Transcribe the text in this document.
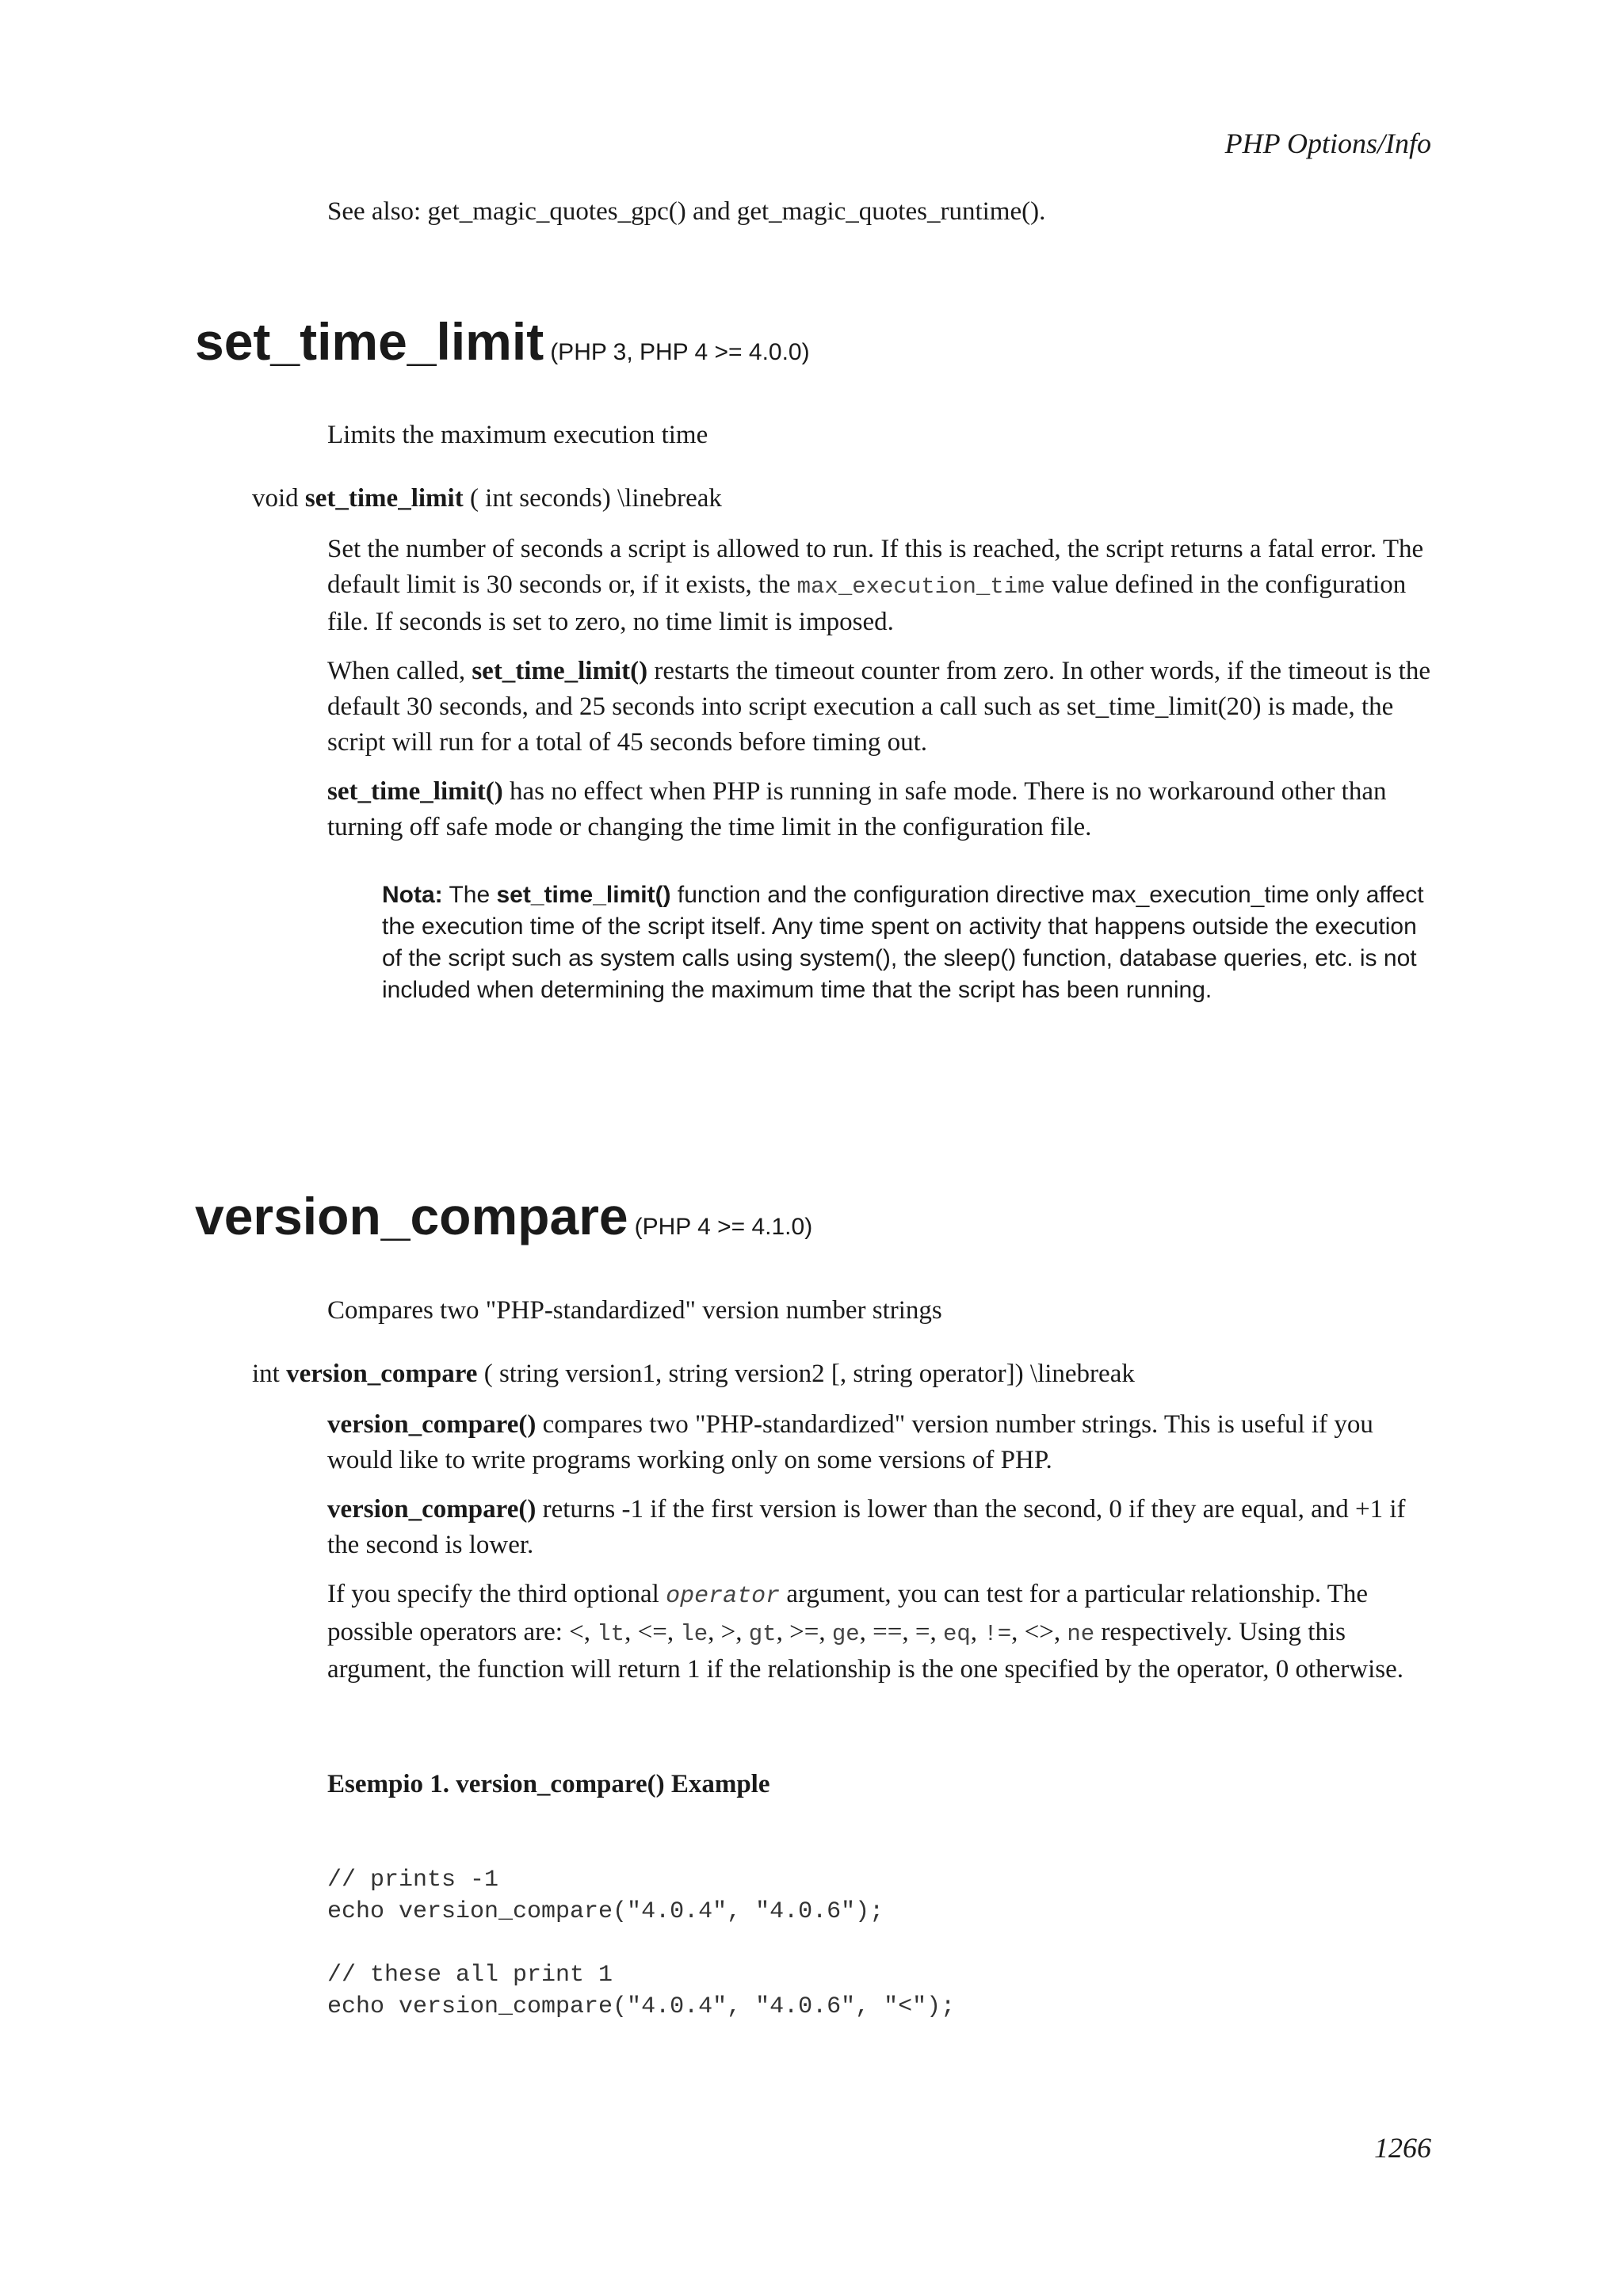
PHP Options/Info
See also: get_magic_quotes_gpc() and get_magic_quotes_runtime().
set_time_limit (PHP 3, PHP 4 >= 4.0.0)
Limits the maximum execution time
void set_time_limit ( int seconds) \linebreak

Set the number of seconds a script is allowed to run. If this is reached, the script returns a fatal error. The default limit is 30 seconds or, if it exists, the max_execution_time value defined in the configuration file. If seconds is set to zero, no time limit is imposed.

When called, set_time_limit() restarts the timeout counter from zero. In other words, if the timeout is the default 30 seconds, and 25 seconds into script execution a call such as set_time_limit(20) is made, the script will run for a total of 45 seconds before timing out.

set_time_limit() has no effect when PHP is running in safe mode. There is no workaround other than turning off safe mode or changing the time limit in the configuration file.

Nota: The set_time_limit() function and the configuration directive max_execution_time only affect the execution time of the script itself. Any time spent on activity that happens outside the execution of the script such as system calls using system(), the sleep() function, database queries, etc. is not included when determining the maximum time that the script has been running.
version_compare (PHP 4 >= 4.1.0)
Compares two "PHP-standardized" version number strings
int version_compare ( string version1, string version2 [, string operator]) \linebreak

version_compare() compares two "PHP-standardized" version number strings. This is useful if you would like to write programs working only on some versions of PHP.

version_compare() returns -1 if the first version is lower than the second, 0 if they are equal, and +1 if the second is lower.

If you specify the third optional operator argument, you can test for a particular relationship. The possible operators are: <, lt, <=, le, >, gt, >=, ge, ==, =, eq, !=, <>, ne respectively. Using this argument, the function will return 1 if the relationship is the one specified by the operator, 0 otherwise.

Esempio 1. version_compare() Example
// prints -1
echo version_compare("4.0.4", "4.0.6");
// these all print 1
echo version_compare("4.0.4", "4.0.6", "<");
1266
